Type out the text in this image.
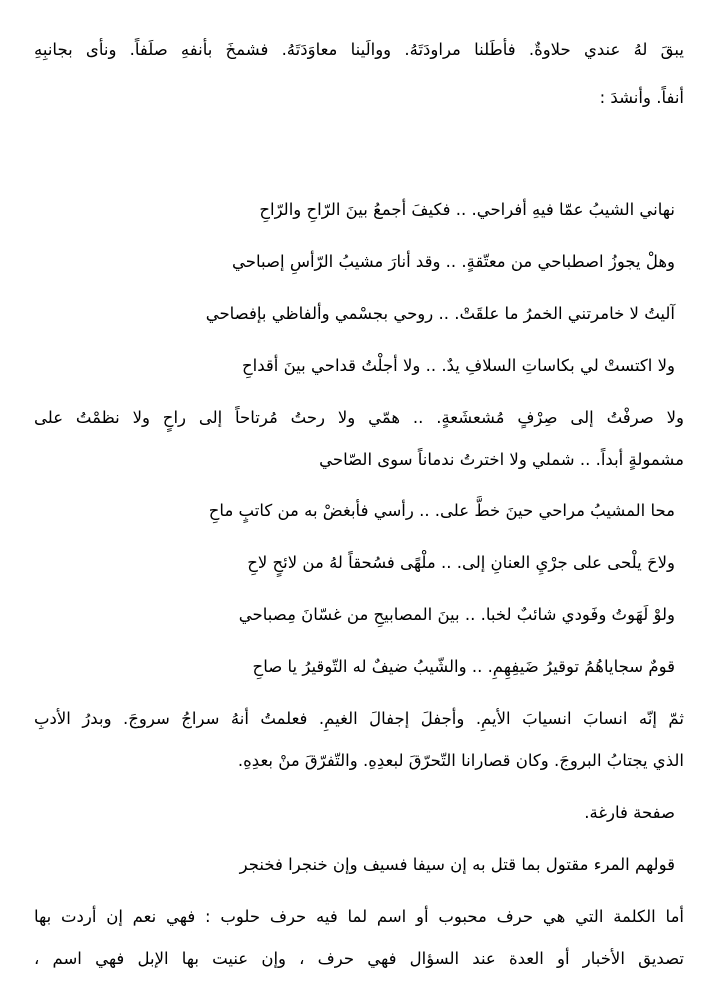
يبقَ لهُ عندي حلاوةٌ. فأطَلنا مراودَتَهُ. ووالَينا معاوَدَتَهُ. فشمخَ بأنفهِ صلَفاً. ونأى بجانبِهِ

أنفاً. وأنشدَ :

نهاني الشيبُ عمّا فيهِ أفراحي. .. فكيفَ أجمعُ بينَ الرّاحِ والرّاحِ

وهلْ يجوزُ اصطباحي من معتّقةٍ. .. وقد أنارَ مشيبُ الرّأسِ إصباحي

آليتُ لا خامرتني الخمرُ ما علقَتْ. .. روحي بجسْمي وألفاظي بإفصاحي

ولا اكتستْ لي بكاساتِ السلافِ يدٌ. .. ولا أجلْتُ قداحي بينَ أقداحِ

ولا صرفْتُ إلى صِرْفٍ مُشعشَعةٍ. .. همّي ولا رحتُ مُرتاحاً إلى راحٍ ولا نظمْتُ على

مشمولةٍ أبداً. .. شملي ولا اخترتُ ندماناً سوى الصّاحي

محا المشيبُ مراحي حينَ خطَّ على. .. رأسي فأبغضْ به من كاتبٍ ماحِ

ولاحَ يلْحى على جرْيِ العنانِ إلى. .. ملْهًى فسُحقاً لهُ من لائحٍ لاحِ

ولوْ لَهَوتُ وفَودي شائبٌ لخبا. .. بينَ المصابيحِ من غسّانَ مِصباحي

قومٌ سجاياهُمُ توقيرُ ضَيفِهِمِ. .. والشّيبُ ضيفٌ له التّوقيرُ يا صاحِ

ثمّ إنّه انسابَ انسيابَ الأيمِ. وأجفلَ إجفالَ الغيمِ. فعلمتُ أنهُ سراجُ سروجَ. وبدرُ الأدبِ

الذي يجتابُ البروجَ. وكان قصارانا التّحرّقَ لبعدِهِ. والتّفرّقَ منْ بعدِهِ.

صفحة فارغة.

قولهم المرء مقتول بما قتل به إن سيفا فسيف وإن خنجرا فخنجر

أما الكلمة التي هي حرف محبوب أو اسم لما فيه حرف حلوب : فهي نعم إن أردت بها

تصديق الأخبار أو العدة عند السؤال فهي حرف ، وإن عنيت بها الإبل فهي اسم ،
